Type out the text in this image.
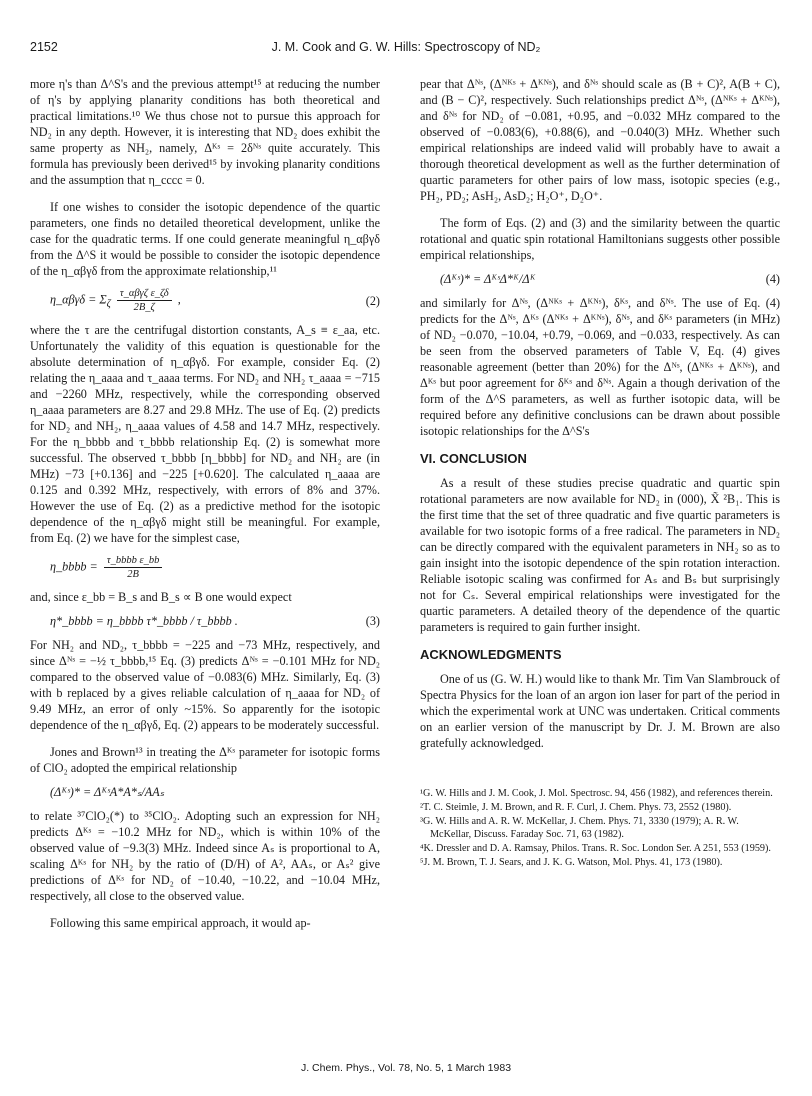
2152	J. M. Cook and G. W. Hills: Spectroscopy of ND₂

more η's than Δ^S's and the previous attempt¹⁵ at reducing the number of η's by applying planarity conditions has both theoretical and practical limitations.¹⁰ We thus chose not to pursue this approach for ND₂ in any depth. However, it is interesting that ND₂ does exhibit the same property as NH₂, namely, Δᴷˢ = 2δᴺˢ quite accurately. This formula has previously been derived¹⁵ by invoking planarity conditions and the assumption that η_cccc = 0.

If one wishes to consider the isotopic dependence of the quartic parameters, one finds no detailed theoretical development, unlike the case for the quadratic terms. If one could generate meaningful η_αβγδ from the Δ^S it would be possible to consider the isotopic dependence of the η_αβγδ from the approximate relationship,¹¹

η_αβγδ = $\Sigma_\zeta \frac{\text{τ\_αβγζ ε\_ζδ}}{2B\_\zeta}$ ,	(2)

where the τ are the centrifugal distortion constants, A_s ≡ ε_aa, etc. Unfortunately the validity of this equation is questionable for the absolute determination of η_αβγδ. For example, consider Eq. (2) relating the η_aaaa and τ_aaaa terms. For ND₂ and NH₂ τ_aaaa = −715 and −2260 MHz, respectively, while the corresponding observed η_aaaa parameters are 8.27 and 29.8 MHz. The use of Eq. (2) predicts for ND₂ and NH₂, η_aaaa values of 4.58 and 14.7 MHz, respectively. For the η_bbbb and τ_bbbb relationship Eq. (2) is somewhat more successful. The observed τ_bbbb [η_bbbb] for ND₂ and NH₂ are (in MHz) −73 [+0.136] and −225 [+0.620]. The calculated η_aaaa are 0.125 and 0.392 MHz, respectively, with errors of 8% and 37%. However the use of Eq. (2) as a predictive method for the isotopic dependence of the η_αβγδ might still be meaningful. For example, from Eq. (2) we have for the simplest case,

η_bbbb = $\frac{\text{τ\_bbbb ε\_bb}}{2B}$

and, since ε_bb = B_s and B_s ∝ B one would expect

η*_bbbb = η_bbbb τ*_bbbb / τ_bbbb .	(3)

For NH₂ and ND₂, τ_bbbb = −225 and −73 MHz, respectively, and since Δᴺˢ = −½ τ_bbbb,¹⁵ Eq. (3) predicts Δᴺˢ = −0.101 MHz for ND₂ compared to the observed value of −0.083(6) MHz. Similarly, Eq. (3) with b replaced by a gives reliable calculation of η_aaaa for ND₂ of 9.49 MHz, an error of only ~15%. So apparently for the isotopic dependence of the η_αβγδ, Eq. (2) appears to be moderately successful.

Jones and Brown¹³ in treating the Δᴷˢ parameter for isotopic forms of ClO₂ adopted the empirical relationship

(Δᴷˢ)* = ΔᴷˢA*A*ₛ/AAₛ

to relate ³⁷ClO₂(*) to ³⁵ClO₂. Adopting such an expression for NH₂ predicts Δᴷˢ = −10.2 MHz for ND₂, which is within 10% of the observed value of −9.3(3) MHz. Indeed since Aₛ is proportional to A, scaling Δᴷˢ for NH₂ by the ratio of (D/H) of A², AAₛ, or Aₛ² give predictions of Δᴷˢ for ND₂ of −10.40, −10.22, and −10.04 MHz, respectively, all close to the observed value.

Following this same empirical approach, it would ap-

pear that Δᴺˢ, (Δᴺᴷˢ + Δᴷᴺˢ), and δᴺˢ should scale as (B + C)², A(B + C), and (B − C)², respectively. Such relationships predict Δᴺˢ, (Δᴺᴷˢ + Δᴷᴺˢ), and δᴺˢ for ND₂ of −0.081, +0.95, and −0.032 MHz compared to the observed of −0.083(6), +0.88(6), and −0.040(3) MHz. Whether such empirical relationships are indeed valid will probably have to await a thorough theoretical development as well as the further determination of quartic parameters for other pairs of low mass, isotopic species (e.g., PH₂, PD₂; AsH₂, AsD₂; H₂O⁺, D₂O⁺.

The form of Eqs. (2) and (3) and the similarity between the quartic rotational and quatic spin rotational Hamiltonians suggests other possible empirical relationships,

(Δᴷˢ)* = ΔᴷˢΔ*ᴷ/Δᴷ	(4)

and similarly for Δᴺˢ, (Δᴺᴷˢ + Δᴷᴺˢ), δᴷˢ, and δᴺˢ. The use of Eq. (4) predicts for the Δᴺˢ, Δᴷˢ (Δᴺᴷˢ + Δᴷᴺˢ), δᴺˢ, and δᴷˢ parameters (in MHz) of ND₂ −0.070, −10.04, +0.79, −0.069, and −0.033, respectively. As can be seen from the observed parameters of Table V, Eq. (4) gives reasonable agreement (better than 20%) for the Δᴺˢ, (Δᴺᴷˢ + Δᴷᴺˢ), and Δᴷˢ but poor agreement for δᴷˢ and δᴺˢ. Again a though derivation of the form of the Δ^S parameters, as well as further isotopic data, will be required before any definitive conclusions can be drawn about possible isotopic relationships for the Δ^S's

VI. CONCLUSION

As a result of these studies precise quadratic and quartic spin rotational parameters are now available for ND₂ in (000), X̃ ²B₁. This is the first time that the set of three quadratic and five quartic parameters is available for two isotopic forms of a free radical. The parameters in ND₂ can be directly compared with the equivalent parameters in NH₂ so as to gain insight into the isotopic dependence of the spin rotation interaction. Reliable isotopic scaling was confirmed for Aₛ and Bₛ but surprisingly not for Cₛ. Several empirical relationships were investigated for the quartic parameters. A detailed theory of the dependence of the quartic parameters is required to gain further insight.

ACKNOWLEDGMENTS

One of us (G. W. H.) would like to thank Mr. Tim Van Slambrouck of Spectra Physics for the loan of an argon ion laser for part of the period in which the experimental work at UNC was undertaken. Critical comments on an earlier version of the manuscript by Dr. J. M. Brown are also gratefully acknowledged.

¹G. W. Hills and J. M. Cook, J. Mol. Spectrosc. 94, 456 (1982), and references therein.

²T. C. Steimle, J. M. Brown, and R. F. Curl, J. Chem. Phys. 73, 2552 (1980).

³G. W. Hills and A. R. W. McKellar, J. Chem. Phys. 71, 3330 (1979); A. R. W. McKellar, Discuss. Faraday Soc. 71, 63 (1982).

⁴K. Dressler and D. A. Ramsay, Philos. Trans. R. Soc. London Ser. A 251, 553 (1959).

⁵J. M. Brown, T. J. Sears, and J. K. G. Watson, Mol. Phys. 41, 173 (1980).

J. Chem. Phys., Vol. 78, No. 5, 1 March 1983
